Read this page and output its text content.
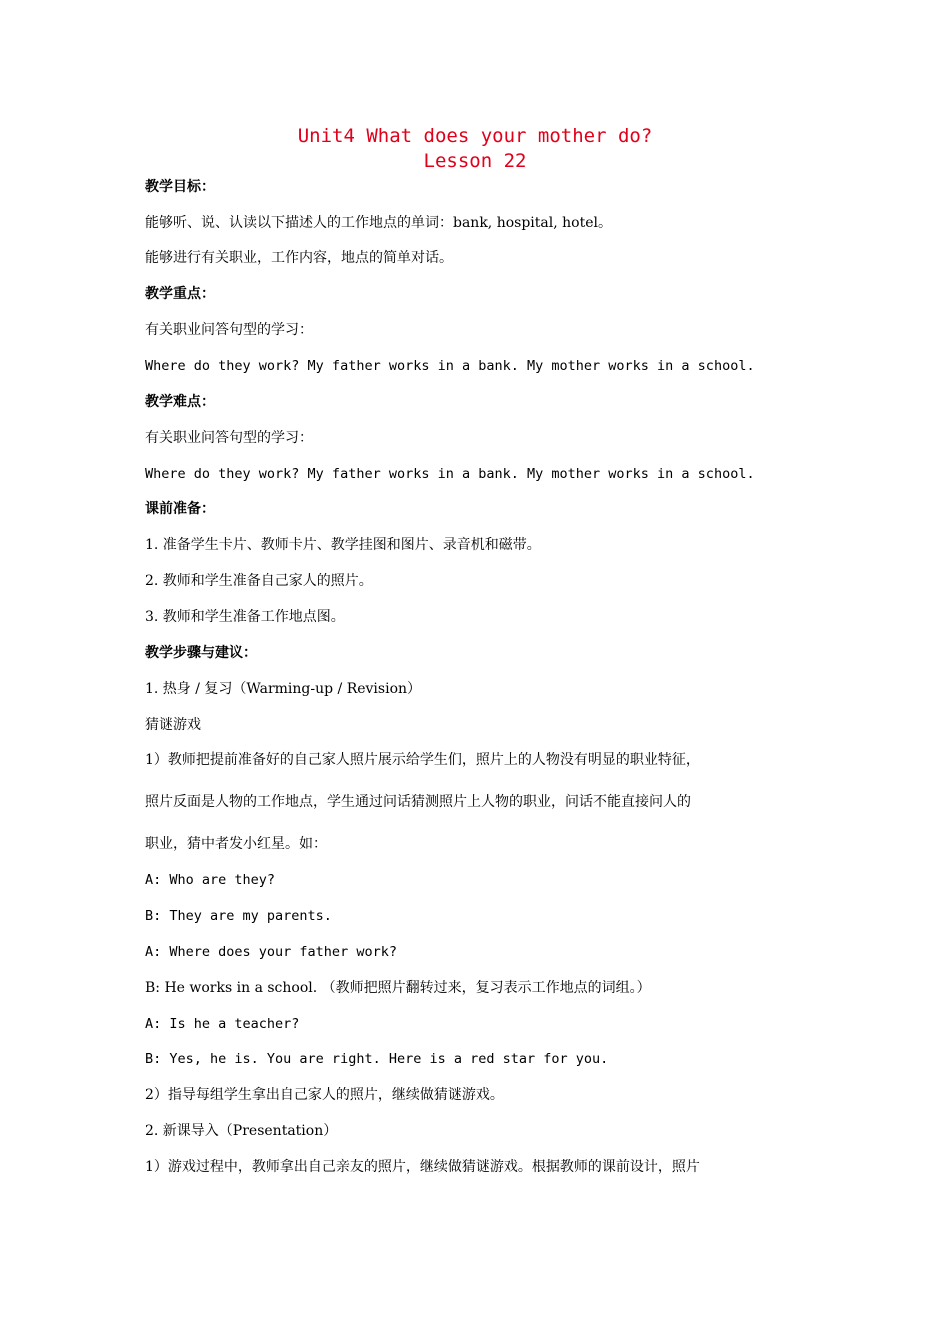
Unit4 What does your mother do?
Lesson 22
教学目标：
能够听、说、认读以下描述人的工作地点的单词：bank, hospital, hotel。
能够进行有关职业，工作内容，地点的简单对话。
教学重点：
有关职业问答句型的学习：
Where do they work? My father works in a bank. My mother works in a school.
教学难点：
有关职业问答句型的学习：
Where do they work? My father works in a bank. My mother works in a school.
课前准备：
1. 准备学生卡片、教师卡片、教学挂图和图片、录音机和磁带。
2. 教师和学生准备自己家人的照片。
3. 教师和学生准备工作地点图。
教学步骤与建议：
1. 热身 / 复习（Warming-up / Revision）
猜谜游戏
1）教师把提前准备好的自己家人照片展示给学生们，照片上的人物没有明显的职业特征，
照片反面是人物的工作地点，学生通过问话猜测照片上人物的职业，问话不能直接问人的
职业，猜中者发小红星。如：
A: Who are they?
B: They are my parents.
A: Where does your father work?
B: He works in a school. （教师把照片翻转过来，复习表示工作地点的词组。）
A: Is he a teacher?
B: Yes, he is. You are right. Here is a red star for you.
2）指导每组学生拿出自己家人的照片，继续做猜谜游戏。
2. 新课导入（Presentation）
1）游戏过程中，教师拿出自己亲友的照片，继续做猜谜游戏。根据教师的课前设计，照片
